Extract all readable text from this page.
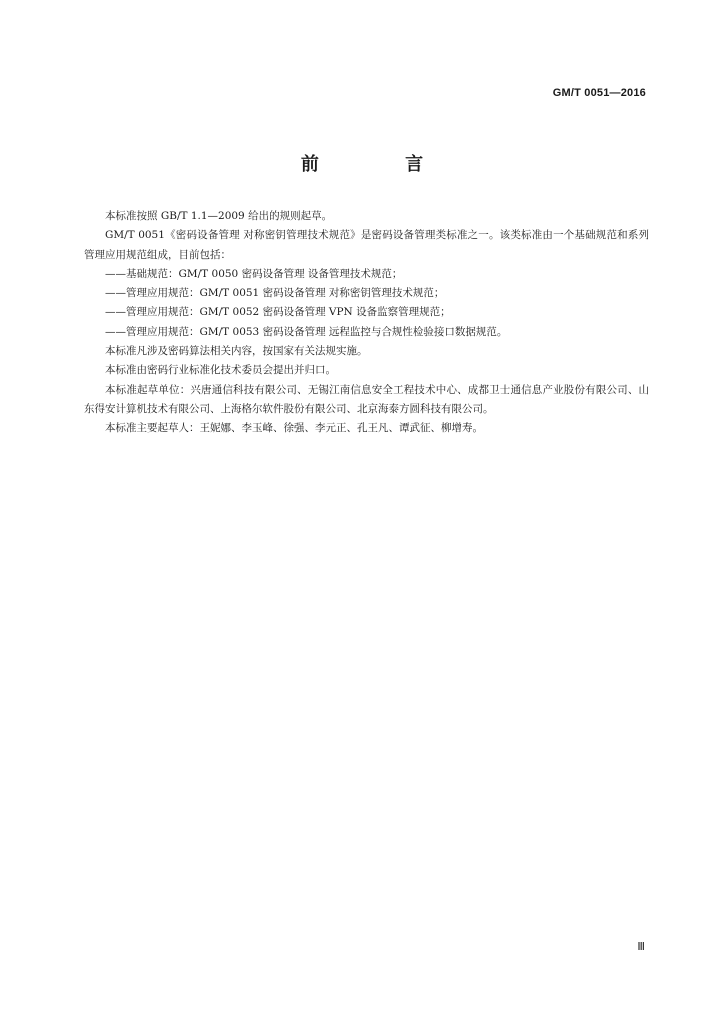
GM/T 0051—2016
前 言

本标准按照 GB/T 1.1—2009 给出的规则起草。

GM/T 0051《密码设备管理 对称密钥管理技术规范》是密码设备管理类标准之一。该类标准由一个基础规范和系列管理应用规范组成，目前包括：

——基础规范：GM/T 0050 密码设备管理 设备管理技术规范；

——管理应用规范：GM/T 0051 密码设备管理 对称密钥管理技术规范；

——管理应用规范：GM/T 0052 密码设备管理 VPN 设备监察管理规范；

——管理应用规范：GM/T 0053 密码设备管理 远程监控与合规性检验接口数据规范。

本标准凡涉及密码算法相关内容，按国家有关法规实施。

本标准由密码行业标准化技术委员会提出并归口。

本标准起草单位：兴唐通信科技有限公司、无锡江南信息安全工程技术中心、成都卫士通信息产业股份有限公司、山东得安计算机技术有限公司、上海格尔软件股份有限公司、北京海泰方圆科技有限公司。

本标准主要起草人：王妮娜、李玉峰、徐强、李元正、孔王凡、谭武征、柳增寿。

Ⅲ
